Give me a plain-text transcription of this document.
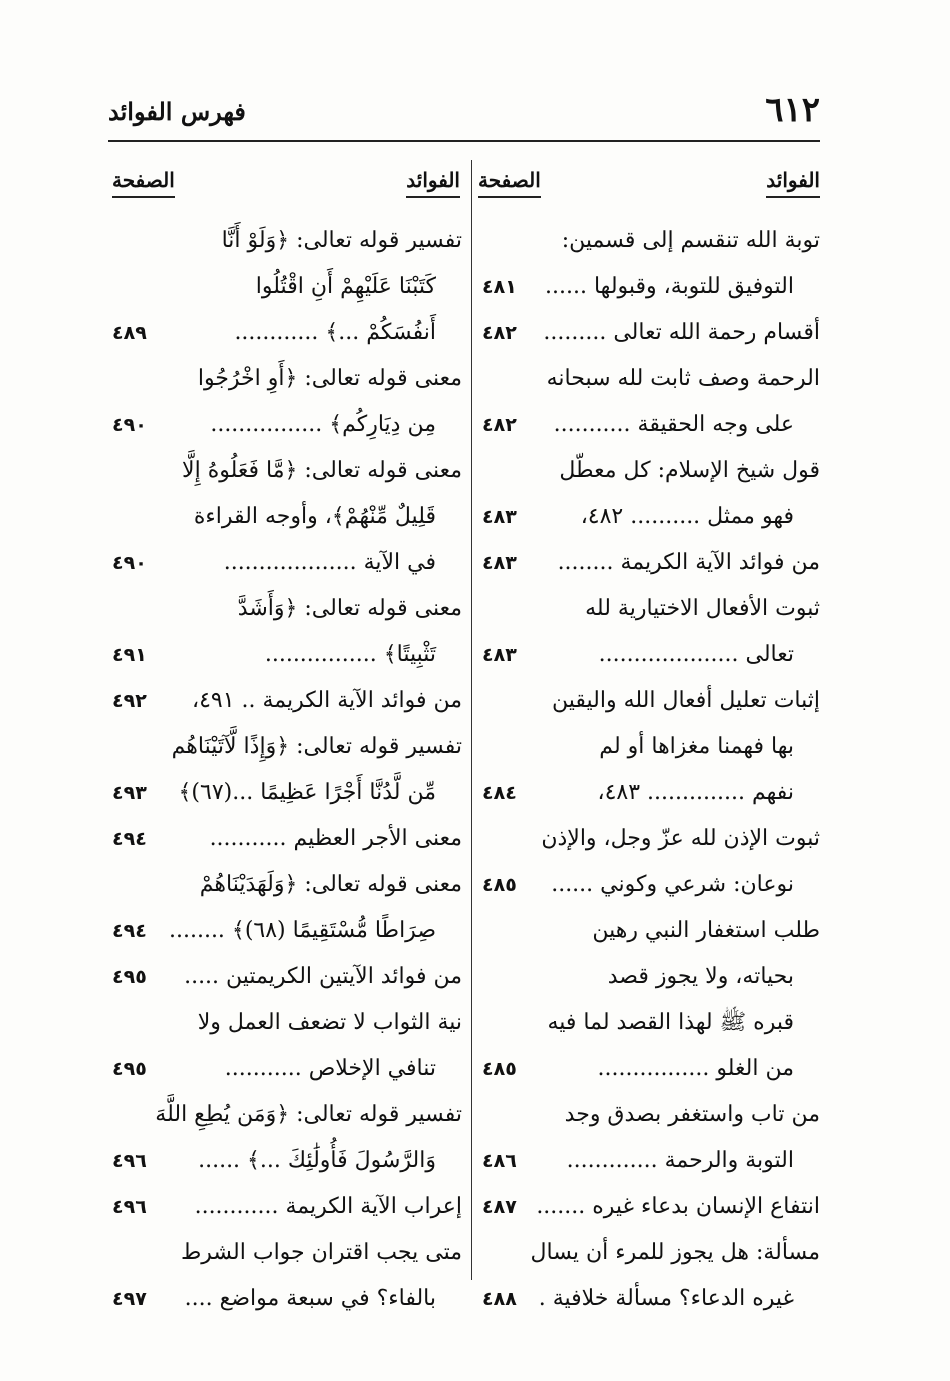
٦١٢
فهرس الفوائد
الفوائد
الصفحة
الفوائد
الصفحة
توبة الله تنقسم إلى قسمين:
التوفيق للتوبة، وقبولها ......
٤٨١
أقسام رحمة الله تعالى .........
٤٨٢
الرحمة وصف ثابت لله سبحانه
على وجه الحقيقة ...........
٤٨٢
قول شيخ الإسلام: كل معطّل
فهو ممثل .......... ٤٨٢،
٤٨٣
من فوائد الآية الكريمة ........
٤٨٣
ثبوت الأفعال الاختيارية لله
تعالى ....................
٤٨٣
إثبات تعليل أفعال الله واليقين
بها فهمنا مغزاها أو لم
نفهم .............. ٤٨٣،
٤٨٤
ثبوت الإذن لله عزّ وجل، والإذن
نوعان: شرعي وكوني ......
٤٨٥
طلب استغفار النبي رهين
بحياته، ولا يجوز قصد
قبره ﷺ لهذا القصد لما فيه
من الغلو ................
٤٨٥
من تاب واستغفر بصدق وجد
التوبة والرحمة .............
٤٨٦
انتفاع الإنسان بدعاء غيره .......
٤٨٧
مسألة: هل يجوز للمرء أن يسال
غيره الدعاء؟ مسألة خلافية .
٤٨٨
تفسير قوله تعالى: ﴿وَلَوْ أَنَّا
كَتَبْنَا عَلَيْهِمْ أَنِ اقْتُلُوا
أَنفُسَكُمْ ...﴾ ............
٤٨٩
معنى قوله تعالى: ﴿أَوِ اخْرُجُوا
مِن دِيَارِكُم﴾ ................
٤٩٠
معنى قوله تعالى: ﴿مَّا فَعَلُوهُ إِلَّا
قَلِيلٌ مِّنْهُمْ﴾، وأوجه القراءة
في الآية ...................
٤٩٠
معنى قوله تعالى: ﴿وَأَشَدَّ
تَثْبِيتًا﴾ ................
٤٩١
من فوائد الآية الكريمة .. ٤٩١،
٤٩٢
تفسير قوله تعالى: ﴿وَإِذًا لَّآتَيْنَاهُم
مِّن لَّدُنَّا أَجْرًا عَظِيمًا ...(٦٧)﴾
٤٩٣
معنى الأجر العظيم ...........
٤٩٤
معنى قوله تعالى: ﴿وَلَهَدَيْنَاهُمْ
صِرَاطًا مُّسْتَقِيمًا (٦٨)﴾ ........
٤٩٤
من فوائد الآيتين الكريمتين .....
٤٩٥
نية الثواب لا تضعف العمل ولا
تنافي الإخلاص ...........
٤٩٥
تفسير قوله تعالى: ﴿وَمَن يُطِعِ اللَّهَ
وَالرَّسُولَ فَأُولَٰئِكَ ...﴾ ......
٤٩٦
إعراب الآية الكريمة ............
٤٩٦
متى يجب اقتران جواب الشرط
بالفاء؟ في سبعة مواضع ....
٤٩٧
